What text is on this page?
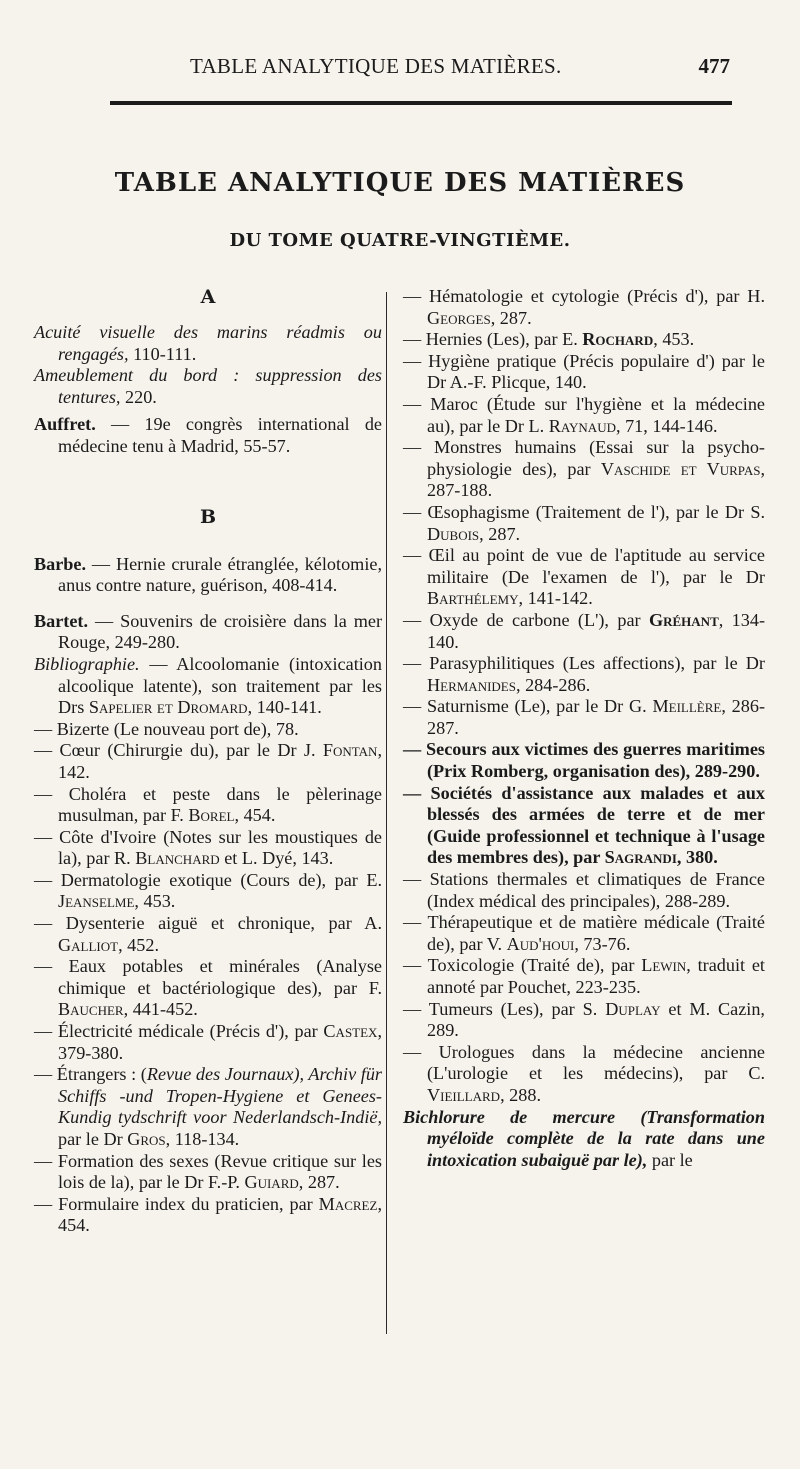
TABLE ANALYTIQUE DES MATIÈRES.	477
TABLE ANALYTIQUE DES MATIÈRES
DU TOME QUATRE-VINGTIÈME.
A

Acuité visuelle des marins réadmis ou rengagés, 110-111.

Ameublement du bord : suppression des tentures, 220.

Auffret. — 19e congrès international de médecine tenu à Madrid, 55-57.

B

Barbe. — Hernie crurale étranglée, kélotomie, anus contre nature, guérison, 408-414.

Bartet. — Souvenirs de croisière dans la mer Rouge, 249-280.

Bibliographie. — Alcoolomanie (intoxication alcoolique latente), son traitement par les Drs Sapelier et Dromard, 140-141.

— Bizerte (Le nouveau port de), 78.

— Cœur (Chirurgie du), par le Dr J. Fontan, 142.

— Choléra et peste dans le pèlerinage musulman, par F. Borel, 454.

— Côte d'Ivoire (Notes sur les moustiques de la), par R. Blanchard et L. Dyé, 143.

— Dermatologie exotique (Cours de), par E. Jeanselme, 453.

— Dysenterie aiguë et chronique, par A. Galliot, 452.

— Eaux potables et minérales (Analyse chimique et bactériologique des), par F. Baucher, 441-452.

— Électricité médicale (Précis d'), par Castex, 379-380.

— Étrangers : (Revue des Journaux), Archiv für Schiffs -und Tropen-Hygiene et Genees-Kundig tydschrift voor Nederlandsch-Indië, par le Dr Gros, 118-134.

— Formation des sexes (Revue critique sur les lois de la), par le Dr F.-P. Guiard, 287.

— Formulaire index du praticien, par Macrez, 454.

— Hématologie et cytologie (Précis d'), par H. Georges, 287.

— Hernies (Les), par E. Rochard, 453.

— Hygiène pratique (Précis populaire d') par le Dr A.-F. Plicque, 140.

— Maroc (Étude sur l'hygiène et la médecine au), par le Dr L. Raynaud, 71, 144-146.

— Monstres humains (Essai sur la psycho-physiologie des), par Vaschide et Vurpas, 287-188.

— Œsophagisme (Traitement de l'), par le Dr S. Dubois, 287.

— Œil au point de vue de l'aptitude au service militaire (De l'examen de l'), par le Dr Barthélemy, 141-142.

— Oxyde de carbone (L'), par Gréhant, 134-140.

— Parasyphilitiques (Les affections), par le Dr Hermanides, 284-286.

— Saturnisme (Le), par le Dr G. Meillère, 286-287.

— Secours aux victimes des guerres maritimes (Prix Romberg, organisation des), 289-290.

— Sociétés d'assistance aux malades et aux blessés des armées de terre et de mer (Guide professionnel et technique à l'usage des membres des), par Sagrandi, 380.

— Stations thermales et climatiques de France (Index médical des principales), 288-289.

— Thérapeutique et de matière médicale (Traité de), par V. Aud'houi, 73-76.

— Toxicologie (Traité de), par Lewin, traduit et annoté par Pouchet, 223-235.

— Tumeurs (Les), par S. Duplay et M. Cazin, 289.

— Urologues dans la médecine ancienne (L'urologie et les médecins), par C. Vieillard, 288.

Bichlorure de mercure (Transformation myéloïde complète de la rate dans une intoxication subaiguë par le), par le
